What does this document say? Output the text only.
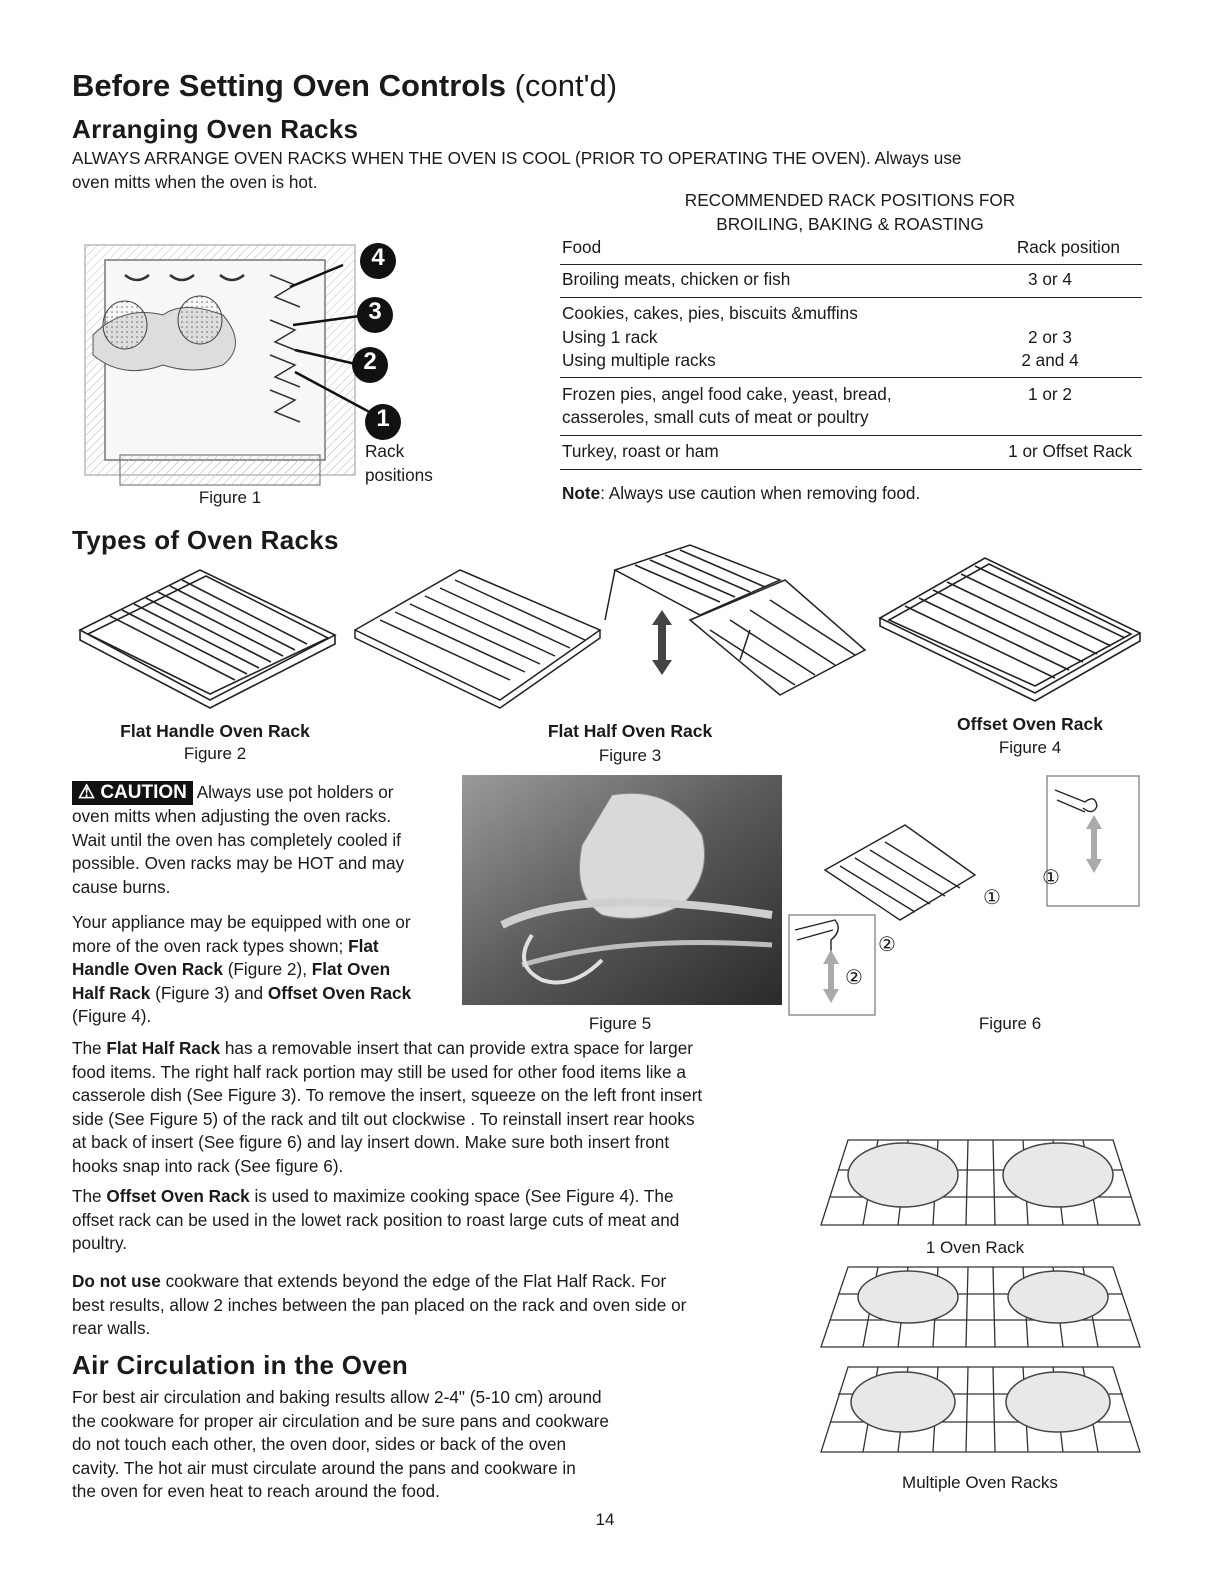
Before Setting Oven Controls (cont'd)
Arranging Oven Racks
ALWAYS ARRANGE OVEN RACKS WHEN THE OVEN IS COOL (PRIOR TO OPERATING THE OVEN). Always use
oven mitts when the oven is hot.
4
3
2
1
Rack
positions
Figure 1
RECOMMENDED RACK POSITIONS FOR
BROILING, BAKING & ROASTING
Food	Rack position
Broiling meats, chicken or fish	3 or 4
Cookies, cakes, pies, biscuits &muffins
Using 1 rack	2 or 3
Using multiple racks	2 and 4
Frozen pies, angel food cake, yeast, bread,	1 or 2
casseroles, small cuts of meat or poultry
Turkey, roast or ham	1 or Offset Rack
Note: Always use caution when removing food.
Types of Oven Racks
Flat Handle Oven Rack
Figure 2
Flat Half Oven Rack
Figure 3
Offset Oven Rack
Figure 4
⚠ CAUTION Always use pot holders or
oven mitts when adjusting the oven racks.
Wait until the oven has completely cooled if
possible. Oven racks may be HOT and may
cause burns.
Your appliance may be equipped with one or
more of the oven rack types shown; Flat
Handle Oven Rack (Figure 2), Flat Oven
Half Rack (Figure 3) and Offset Oven Rack
(Figure 4).	Figure 5
①
①
②
②
Figure 6
The Flat Half Rack has a removable insert that can provide extra space for larger
food items. The right half rack portion may still be used for other food items like a
casserole dish (See Figure 3). To remove the insert, squeeze on the left front insert
side (See Figure 5) of the rack and tilt out clockwise . To reinstall insert rear hooks
at back of insert (See figure 6) and lay insert down. Make sure both insert front
hooks snap into rack (See figure 6).
The Offset Oven Rack is used to maximize cooking space (See Figure 4). The
offset rack can be used in the lowet rack position to roast large cuts of meat and
poultry.
Do not use cookware that extends beyond the edge of the Flat Half Rack. For
best results, allow 2 inches between the pan placed on the rack and oven side or
rear walls.
Air Circulation in the Oven
For best air circulation and baking results allow 2-4" (5-10 cm) around
the cookware for proper air circulation and be sure pans and cookware
do not touch each other, the oven door, sides or back of the oven
cavity. The hot air must circulate around the pans and cookware in
the oven for even heat to reach around the food.
1 Oven Rack
Multiple Oven Racks
14
